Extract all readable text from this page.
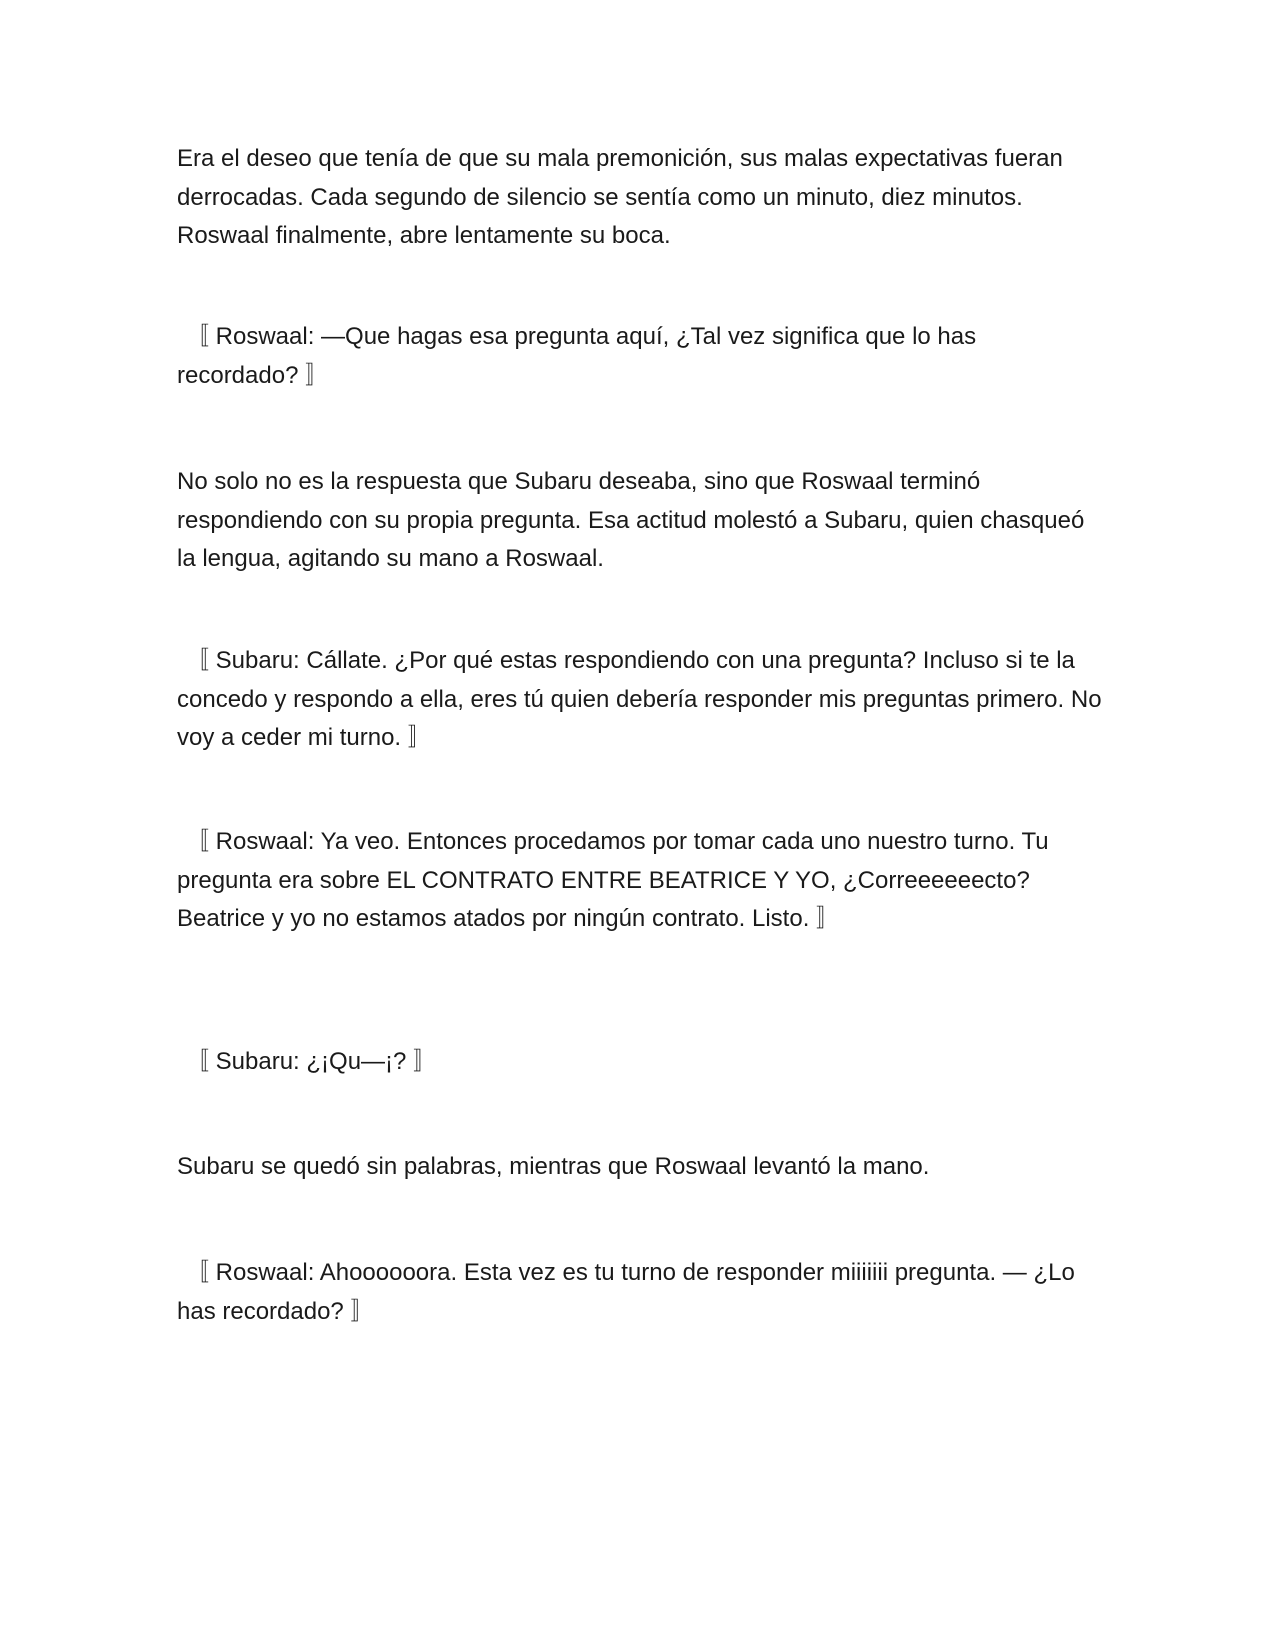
Era el deseo que tenía de que su mala premonición, sus malas expectativas fueran derrocadas. Cada segundo de silencio se sentía como un minuto, diez minutos. Roswaal finalmente, abre lentamente su boca.

〚 Roswaal: —Que hagas esa pregunta aquí, ¿Tal vez significa que lo has recordado? 〛

No solo no es la respuesta que Subaru deseaba, sino que Roswaal terminó respondiendo con su propia pregunta. Esa actitud molestó a Subaru, quien chasqueó la lengua, agitando su mano a Roswaal.

〚 Subaru: Cállate. ¿Por qué estas respondiendo con una pregunta? Incluso si te la concedo y respondo a ella, eres tú quien debería responder mis preguntas primero. No voy a ceder mi turno. 〛

〚 Roswaal: Ya veo. Entonces procedamos por tomar cada uno nuestro turno. Tu pregunta era sobre EL CONTRATO ENTRE BEATRICE Y YO, ¿Correeeeeecto? Beatrice y yo no estamos atados por ningún contrato. Listo. 〛

〚 Subaru: ¿¡Qu—¡? 〛

Subaru se quedó sin palabras, mientras que Roswaal levantó la mano.

〚 Roswaal: Ahoooooora. Esta vez es tu turno de responder miiiiiii pregunta. — ¿Lo has recordado? 〛
